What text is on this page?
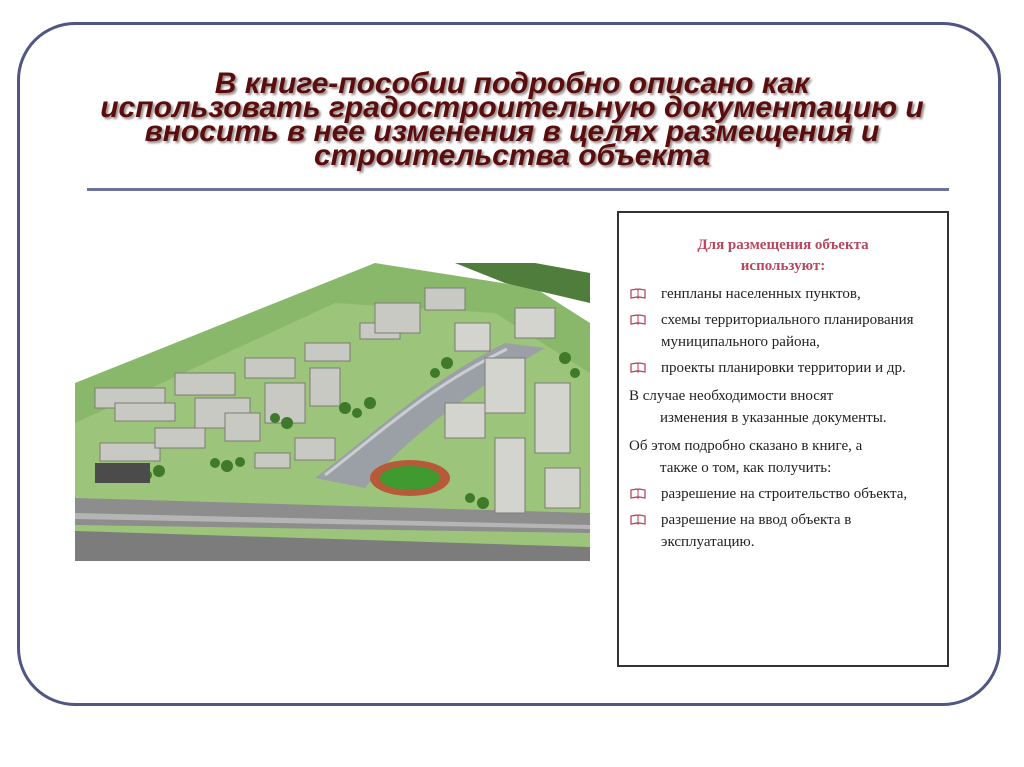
В книге-пособии подробно описано как
использовать градостроительную документацию и
вносить в нее изменения в целях размещения и
строительства объекта
Для размещения объекта
используют:
генпланы населенных пунктов,
схемы территориального планирования муниципального района,
проекты планировки территории и др.
В случае необходимости вносят
изменения в указанные документы.
Об этом подробно сказано в книге, а
также о том, как получить:
разрешение на строительство объекта,
разрешение на ввод объекта в эксплуатацию.
